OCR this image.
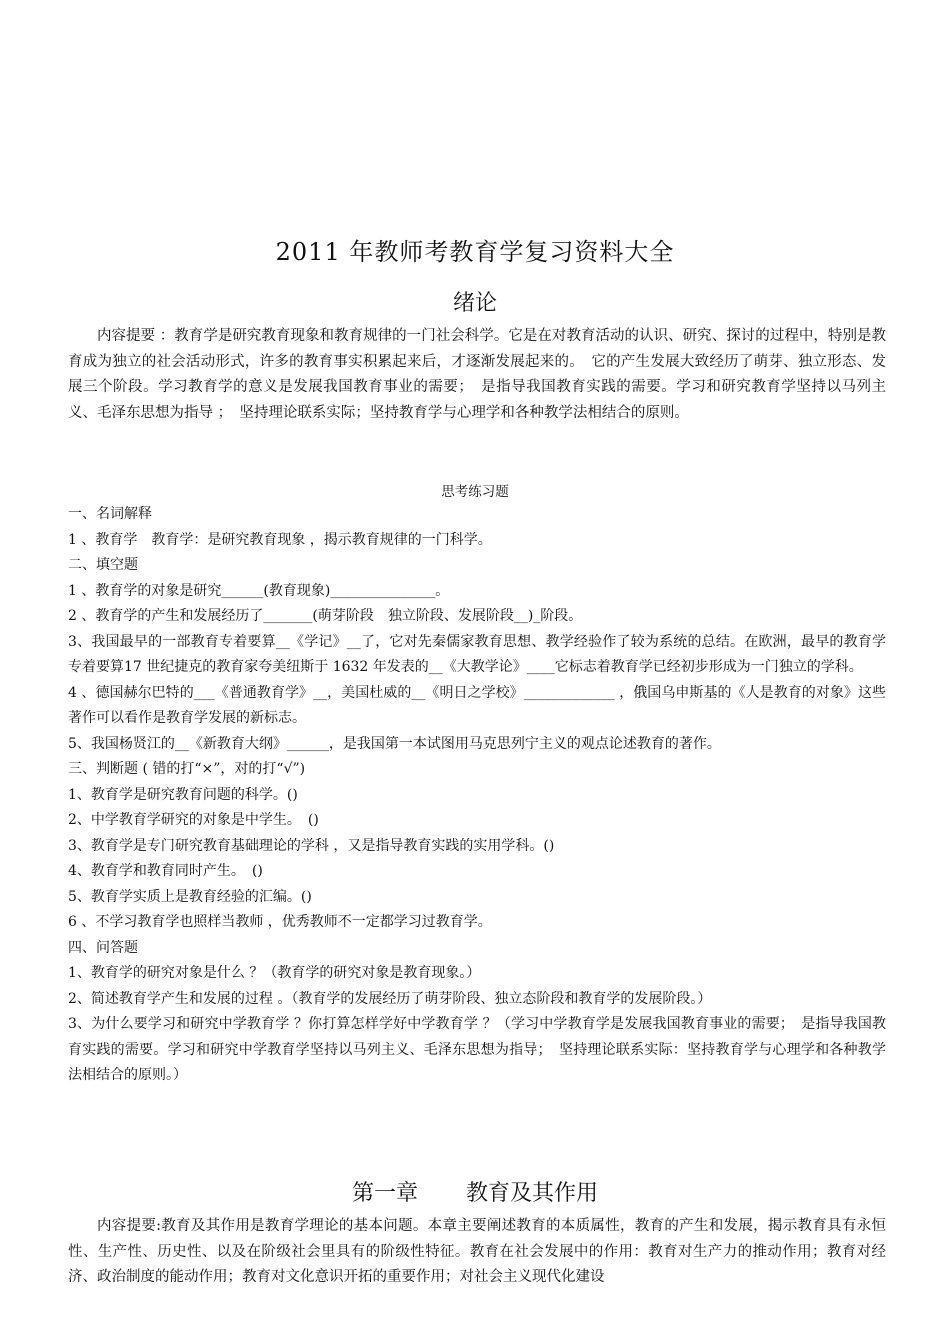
2011 年教师考教育学复习资料大全
绪论
内容提要 ：教育学是研究教育现象和教育规律的一门社会科学。它是在对教育活动的认识、研究、探讨的过程中，特别是教育成为独立的社会活动形式，许多的教育事实积累起来后，才逐渐发展起来的。　它的产生发展大致经历了萌芽、独立形态、发展三个阶段。学习教育学的意义是发展我国教育事业的需要；　是指导我国教育实践的需要。学习和研究教育学坚持以马列主义、毛泽东思想为指导 ；　坚持理论联系实际；坚持教育学与心理学和各种教学法相结合的原则。
思考练习题
一、名词解释
1 、教育学　教育学：是研究教育现象 ，揭示教育规律的一门科学。
二、填空题
1 、教育学的对象是研究______(教育现象)_______________。
2 、教育学的产生和发展经历了_______(萌芽阶段　独立阶段、发展阶段__)_阶段。
3、我国最早的一部教育专着要算__《学记》__了，它对先秦儒家教育思想、教学经验作了较为系统的总结。在欧洲，最早的教育学专着要算17 世纪捷克的教育家夸美纽斯于 1632 年发表的__《大教学论》____它标志着教育学已经初步形成为一门独立的学科。
4 、德国赫尔巴特的___《普通教育学》__，美国杜威的__《明日之学校》_____________ ，俄国乌申斯基的《人是教育的对象》这些著作可以看作是教育学发展的新标志。
5、我国杨贤江的__《新教育大纲》______，是我国第一本试图用马克思列宁主义的观点论述教育的著作。
三、判断题 ( 错的打“×”，对的打“√”)
1、教育学是研究教育问题的科学。()
2、中学教育学研究的对象是中学生。　()
3、教育学是专门研究教育基础理论的学科 ，又是指导教育实践的实用学科。()
4、教育学和教育同时产生。　()
5、教育学实质上是教育经验的汇编。()
6 、不学习教育学也照样当教师 ，优秀教师不一定都学习过教育学。
四、问答题
1、教育学的研究对象是什么 ？（教育学的研究对象是教育现象。）
2、简述教育学产生和发展的过程 。（教育学的发展经历了萌芽阶段、独立态阶段和教育学的发展阶段。）
3、为什么要学习和研究中学教育学 ？你打算怎样学好中学教育学 ？（学习中学教育学是发展我国教育事业的需要；　是指导我国教育实践的需要。学习和研究中学教育学坚持以马列主义、毛泽东思想为指导；　坚持理论联系实际：坚持教育学与心理学和各种教学法相结合的原则。）
第一章 教育及其作用
内容提要:教育及其作用是教育学理论的基本问题。本章主要阐述教育的本质属性，教育的产生和发展，揭示教育具有永恒性、生产性、历史性、以及在阶级社会里具有的阶级性特征。教育在社会发展中的作用：教育对生产力的推动作用；教育对经济、政治制度的能动作用；教育对文化意识开拓的重要作用；对社会主义现代化建设
